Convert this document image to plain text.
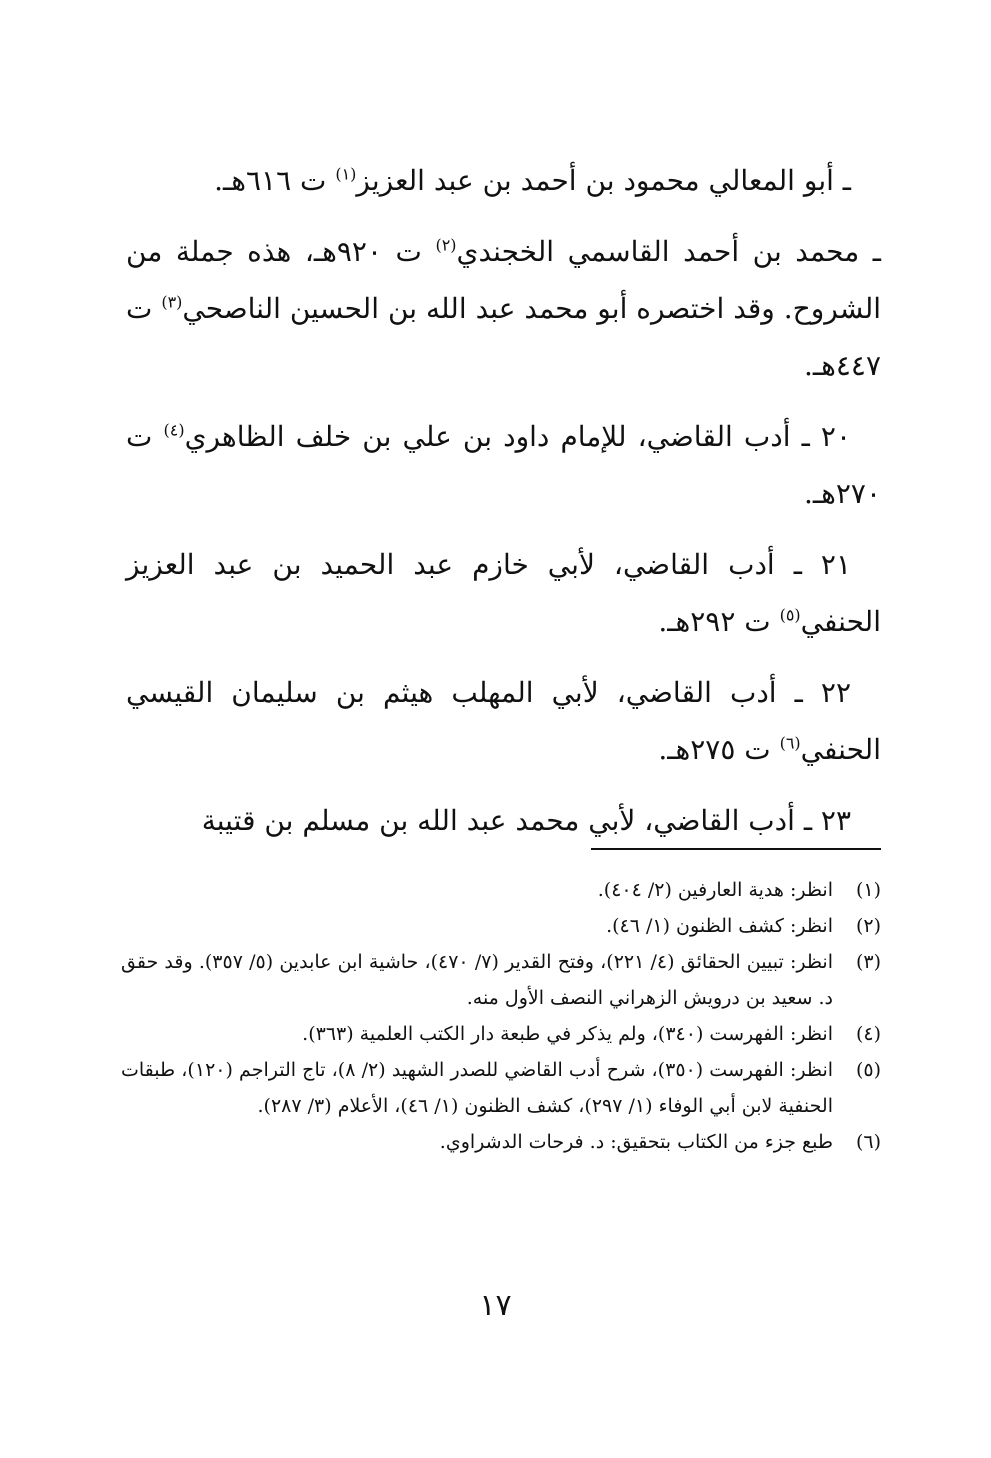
ـ أبو المعالي محمود بن أحمد بن عبد العزيز$^{(١)}$ ت ٦١٦هـ.

ـ محمد بن أحمد القاسمي الخجندي$^{(٢)}$ ت ٩٢٠هـ، هذه جملة من الشروح. وقد اختصره أبو محمد عبد الله بن الحسين الناصحي$^{(٣)}$ ت ٤٤٧هـ.

٢٠ ـ أدب القاضي، للإمام داود بن علي بن خلف الظاهري$^{(٤)}$ ت ٢٧٠هـ.

٢١ ـ أدب القاضي، لأبي خازم عبد الحميد بن عبد العزيز الحنفي$^{(٥)}$ ت ٢٩٢هـ.

٢٢ ـ أدب القاضي، لأبي المهلب هيثم بن سليمان القيسي الحنفي$^{(٦)}$ ت ٢٧٥هـ.

٢٣ ـ أدب القاضي، لأبي محمد عبد الله بن مسلم بن قتيبة

(١)
انظر: هدية العارفين (٢/ ٤٠٤).

(٢)
انظر: كشف الظنون (١/ ٤٦).

(٣)
انظر: تبيين الحقائق (٤/ ٢٢١)، وفتح القدير (٧/ ٤٧٠)، حاشية ابن عابدين (٥/ ٣٥٧). وقد حقق د. سعيد بن درويش الزهراني النصف الأول منه.

(٤)
انظر: الفهرست (٣٤٠)، ولم يذكر في طبعة دار الكتب العلمية (٣٦٣).

(٥)
انظر: الفهرست (٣٥٠)، شرح أدب القاضي للصدر الشهيد (٢/ ٨)، تاج التراجم (١٢٠)، طبقات الحنفية لابن أبي الوفاء (١/ ٢٩٧)، كشف الظنون (١/ ٤٦)، الأعلام (٣/ ٢٨٧).

(٦)
طبع جزء من الكتاب بتحقيق: د. فرحات الدشراوي.

١٧
